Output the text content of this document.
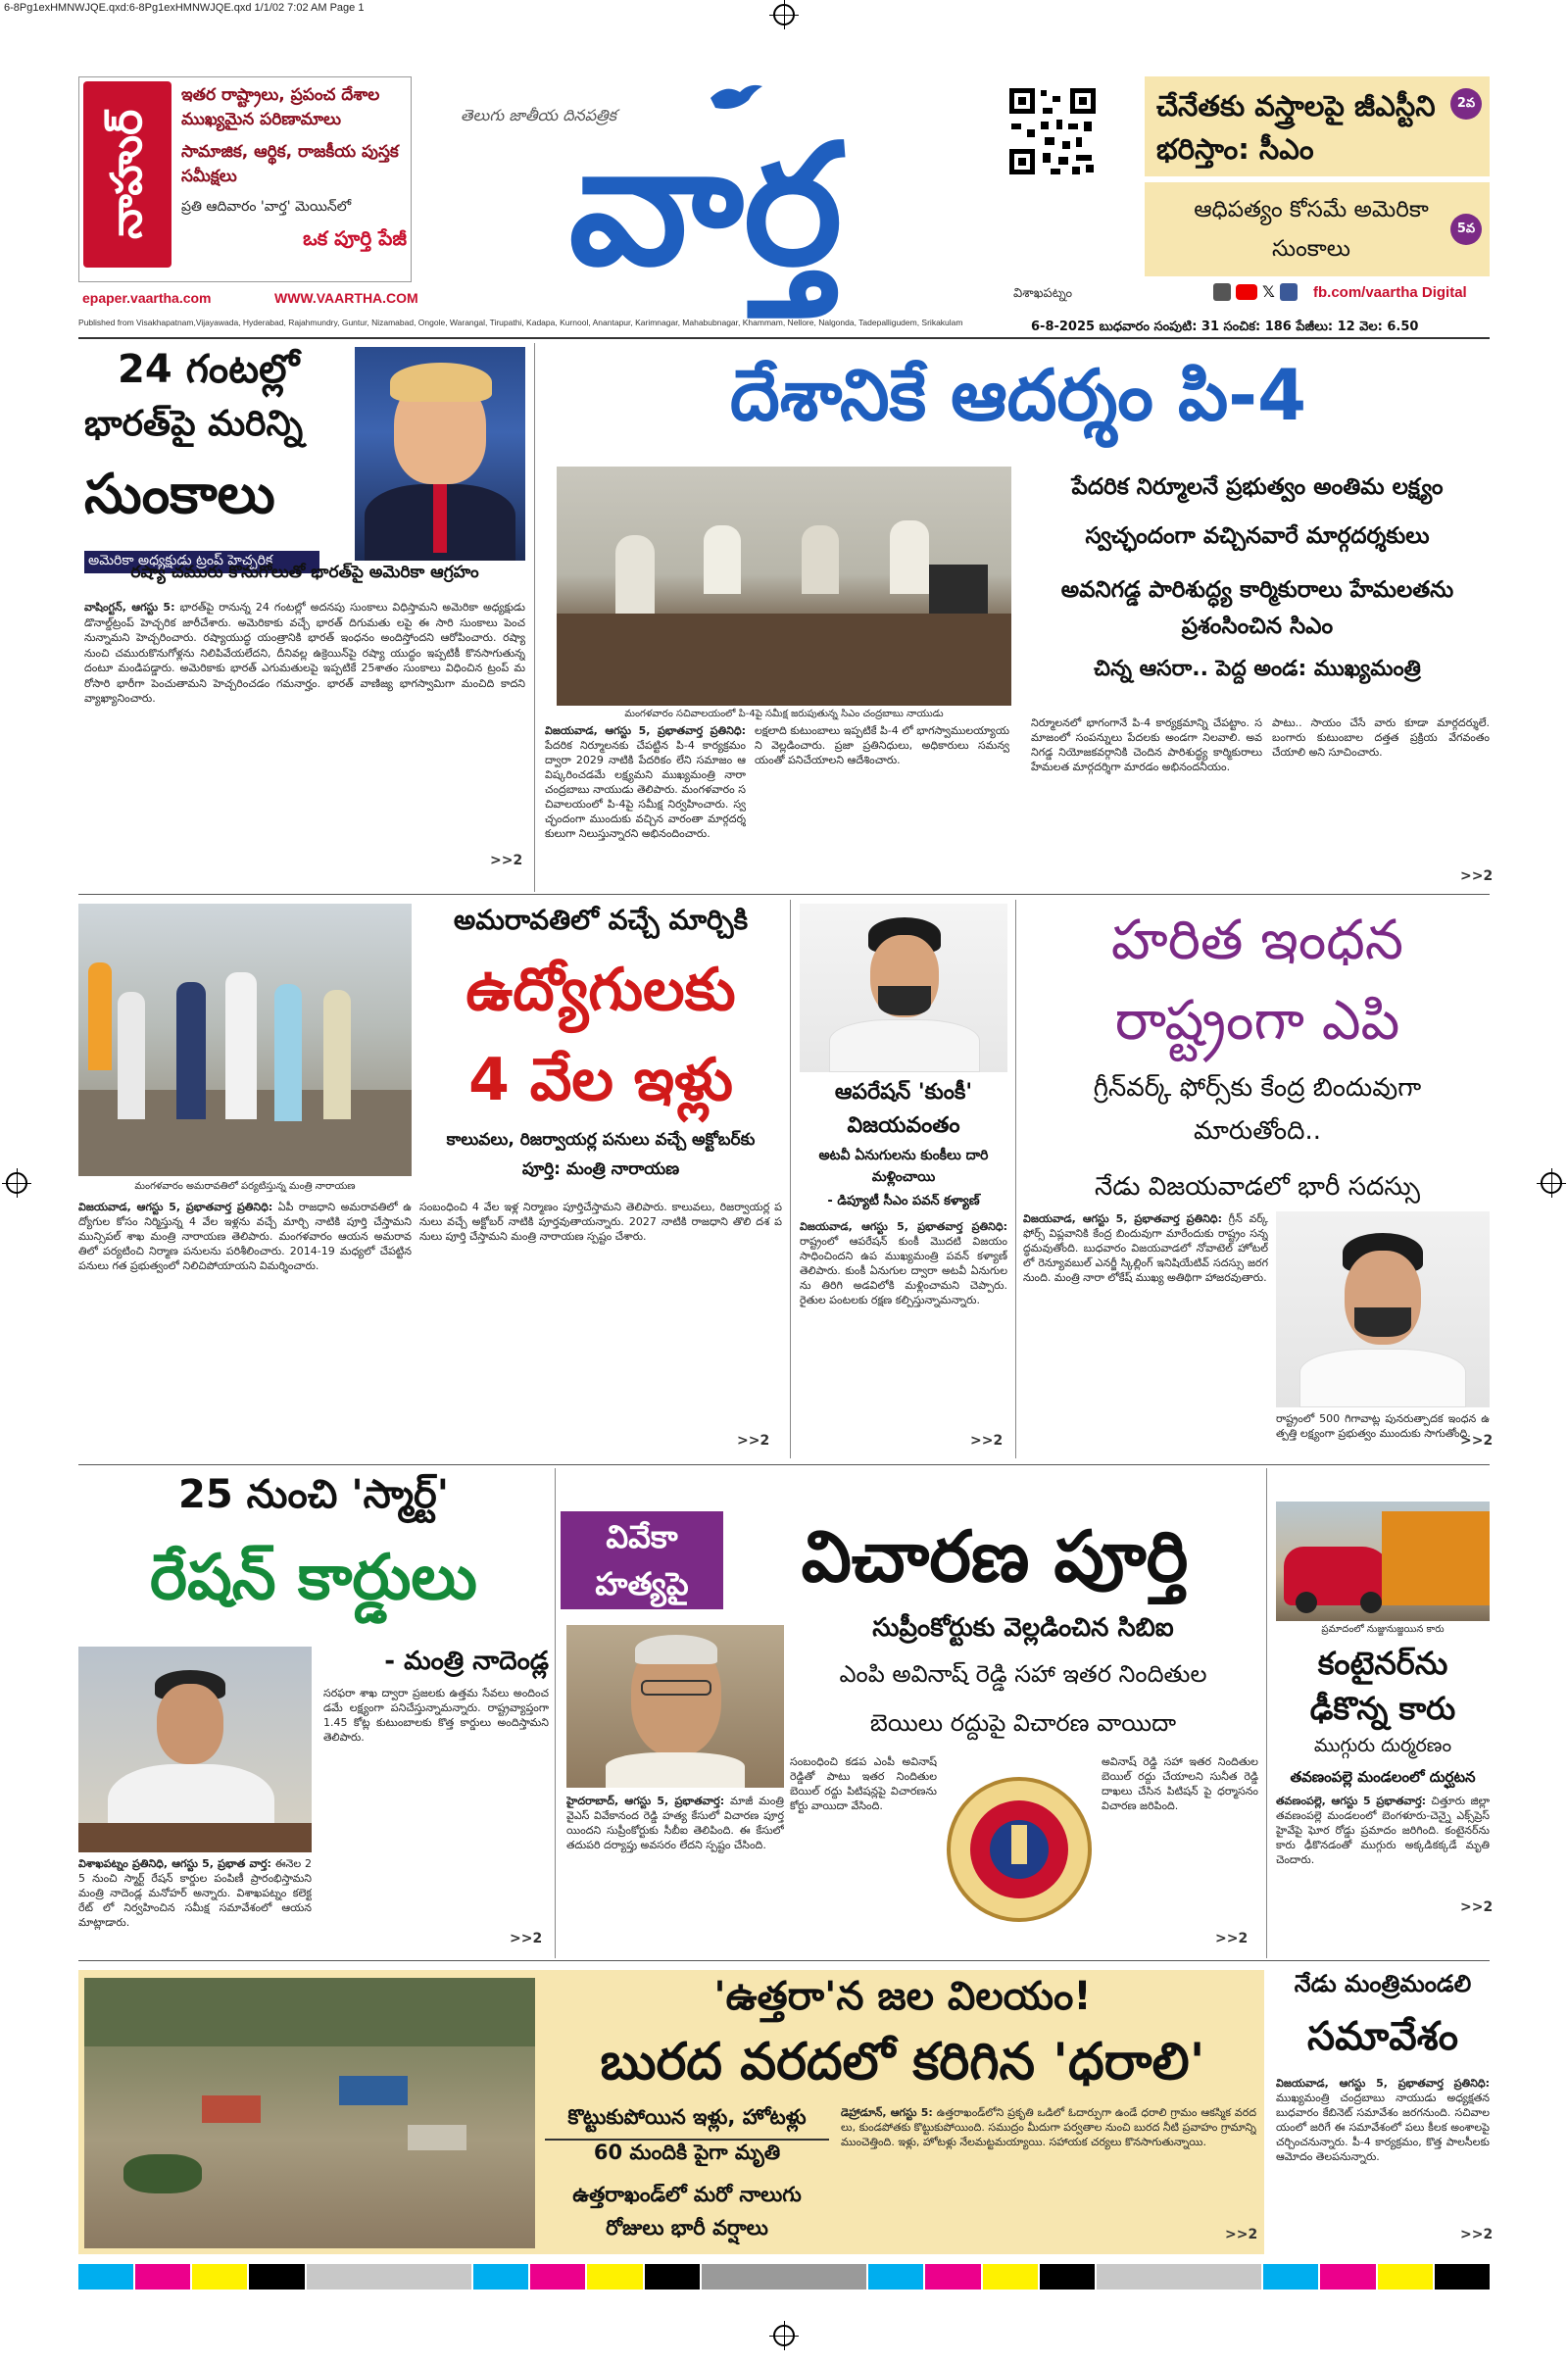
6-8Pg1exHMNWJQE.qxd:6-8Pg1exHMNWJQE.qxd 1/1/02 7:02 AM Page 1
నాహుర్
ఇతర రాష్ట్రాలు, ప్రపంచ దేశాల ముఖ్యమైన పరిణామాలు
సామాజిక, ఆర్థిక, రాజకీయ పుస్తక సమీక్షలు
ప్రతి ఆదివారం 'వార్త' మెయిన్‌లో
ఒక పూర్తి పేజీ
epaper.vaartha.com	WWW.VAARTHA.COM
తెలుగు జాతీయ దినపత్రిక
వార్త	విశాఖపట్నం
చేనేతకు వస్త్రాలపై జీఎస్టీని భరిస్తాం: సీఎం
2వ
ఆధిపత్యం కోసమే అమెరికా సుంకాలు
5వ
𝕏	fb.com/vaartha Digital
Published from Visakhapatnam,Vijayawada, Hyderabad, Rajahmundry, Guntur, Nizamabad, Ongole, Warangal, Tirupathi, Kadapa, Kurnool, Anantapur, Karimnagar, Mahabubnagar, Khammam, Nellore, Nalgonda, Tadepalligudem, Srikakulam	6-8-2025 బుధవారం సంపుటి: 31 సంచిక: 186 పేజీలు: 12 వెల: 6.50
24 గంటల్లో
భారత్‌పై మరిన్ని
సుంకాలు
అమెరికా అధ్యక్షుడు ట్రంప్ హెచ్చరిక
రష్యా చమురు కొనుగోలుతో భారత్‌పై అమెరికా ఆగ్రహం
వాషింగ్టన్, ఆగస్టు 5: భారత్‌పై రానున్న 24 గంటల్లో అదనపు సుంకాలు విధిస్తామని అమెరికా అధ్యక్షుడు డొనాల్డ్‌ట్రంప్ హెచ్చరిక జారీచేశారు. అమెరికాకు వచ్చే భారత్ దిగుమతు లపై ఈ సారి సుంకాలు పెంచనున్నామని హెచ్చరించారు. రష్యాయుద్ధ యంత్రానికి భారత్ ఇంధనం అందిస్తోందని ఆరోపించారు. రష్యా నుంచి చమురుకొనుగోళ్లను నిలిపివేయలేదని, దీనివల్ల ఉక్రెయిన్‌పై రష్యా యుద్ధం ఇప్పటికీ కొనసాగుతున్నదంటూ మండిపడ్డారు. అమెరికాకు భారత్ ఎగుమతులపై ఇప్పటికే 25శాతం సుంకాలు విధించిన ట్రంప్ మరోసారి భారీగా పెంచుతామని హెచ్చరించడం గమనార్హం. భారత్ వాణిజ్య భాగస్వామిగా మంచిది కాదని వ్యాఖ్యానించారు.
>>2
దేశానికే ఆదర్శం పి-4
మంగళవారం సచివాలయంలో పి-4పై సమీక్ష జరుపుతున్న సిఎం చంద్రబాబు నాయుడు
పేదరిక నిర్మూలనే ప్రభుత్వం అంతిమ లక్ష్యం
స్వచ్ఛందంగా వచ్చినవారే మార్గదర్శకులు
అవనిగడ్డ పారిశుద్ధ్య కార్మికురాలు హేమలతను ప్రశంసించిన సిఎం
చిన్న ఆసరా.. పెద్ద అండ: ముఖ్యమంత్రి
విజయవాడ, ఆగస్టు 5, ప్రభాతవార్త ప్రతినిధి: పేదరిక నిర్మూలనకు చేపట్టిన పి-4 కార్యక్రమం ద్వారా 2029 నాటికి పేదరికం లేని సమాజం ఆవిష్కరించడమే లక్ష్యమని ముఖ్యమంత్రి నారా చంద్రబాబు నాయుడు తెలిపారు. మంగళవారం సచివాలయంలో పి-4పై సమీక్ష నిర్వహించారు. స్వచ్ఛందంగా ముందుకు వచ్చిన వారంతా మార్గదర్శకులుగా నిలుస్తున్నారని అభినందించారు.
లక్షలాది కుటుంబాలు ఇప్పటికే పి-4 లో భాగస్వాములయ్యాయని వెల్లడించారు. ప్రజా ప్రతినిధులు, అధికారులు సమన్వయంతో పనిచేయాలని ఆదేశించారు.
నిర్మూలనలో భాగంగానే పి-4 కార్యక్రమాన్ని చేపట్టాం. సమాజంలో సంపన్నులు పేదలకు అండగా నిలవాలి. అవనిగడ్డ నియోజకవర్గానికి చెందిన పారిశుద్ధ్య కార్మికురాలు హేమలత మార్గదర్శిగా మారడం అభినందనీయం.
పాటు.. సాయం చేసే వారు కూడా మార్గదర్శులే. బంగారు కుటుంబాల దత్తత ప్రక్రియ వేగవంతం చేయాలి అని సూచించారు.
>>2
మంగళవారం అమరావతిలో పర్యటిస్తున్న మంత్రి నారాయణ
అమరావతిలో వచ్చే మార్చికి
ఉద్యోగులకు
4 వేల ఇళ్లు
కాలువలు, రిజర్వాయర్ల పనులు వచ్చే అక్టోబర్‌కు పూర్తి: మంత్రి నారాయణ
విజయవాడ, ఆగస్టు 5, ప్రభాతవార్త ప్రతినిధి: ఏపీ రాజధాని అమరావతిలో ఉద్యోగుల కోసం నిర్మిస్తున్న 4 వేల ఇళ్లను వచ్చే మార్చి నాటికి పూర్తి చేస్తామని మున్సిపల్ శాఖ మంత్రి నారాయణ తెలిపారు. మంగళవారం ఆయన అమరావతిలో పర్యటించి నిర్మాణ పనులను పరిశీలించారు. 2014-19 మధ్యలో చేపట్టిన పనులు గత ప్రభుత్వంలో నిలిచిపోయాయని విమర్శించారు.
సంబంధించి 4 వేల ఇళ్ల నిర్మాణం పూర్తిచేస్తామని తెలిపారు. కాలువలు, రిజర్వాయర్ల పనులు వచ్చే అక్టోబర్ నాటికి పూర్తవుతాయన్నారు. 2027 నాటికి రాజధాని తొలి దశ పనులు పూర్తి చేస్తామని మంత్రి నారాయణ స్పష్టం చేశారు.
>>2
ఆపరేషన్ 'కుంకీ' విజయవంతం
అటవీ ఏనుగులను కుంకీలు దారి మళ్లించాయి
- డిప్యూటీ సీఎం పవన్ కళ్యాణ్
విజయవాడ, ఆగస్టు 5, ప్రభాతవార్త ప్రతినిధి: రాష్ట్రంలో ఆపరేషన్ కుంకీ మొదటి విజయం సాధించిందని ఉప ముఖ్యమంత్రి పవన్ కళ్యాణ్ తెలిపారు. కుంకీ ఏనుగుల ద్వారా అటవీ ఏనుగులను తిరిగి అడవిలోకి మళ్లించామని చెప్పారు. రైతుల పంటలకు రక్షణ కల్పిస్తున్నామన్నారు.
>>2
హరిత ఇంధన
రాష్ట్రంగా ఎపి
గ్రీన్‌వర్క్ ఫోర్స్‌కు కేంద్ర బిందువుగా మారుతోంది..
నేడు విజయవాడలో భారీ సదస్సు
విజయవాడ, ఆగస్టు 5, ప్రభాతవార్త ప్రతినిధి: గ్రీన్ వర్క్ ఫోర్స్ విప్లవానికి కేంద్ర బిందువుగా మారేందుకు రాష్ట్రం సన్నద్ధమవుతోంది. బుధవారం విజయవాడలో నోవాటెల్ హోటల్ లో రెన్యూవబుల్ ఎనర్జీ స్కిల్లింగ్ ఇనిషియేటివ్ సదస్సు జరగనుంది. మంత్రి నారా లోకేష్ ముఖ్య అతిథిగా హాజరవుతారు.
రాష్ట్రంలో 500 గిగావాట్ల పునరుత్పాదక ఇంధన ఉత్పత్తి లక్ష్యంగా ప్రభుత్వం ముందుకు సాగుతోంది.
>>2
25 నుంచి 'స్మార్ట్'
రేషన్ కార్డులు
- మంత్రి నాదెండ్ల
సరఫరా శాఖ ద్వారా ప్రజలకు ఉత్తమ సేవలు అందించడమే లక్ష్యంగా పనిచేస్తున్నామన్నారు. రాష్ట్రవ్యాప్తంగా 1.45 కోట్ల కుటుంబాలకు కొత్త కార్డులు అందిస్తామని తెలిపారు.
విశాఖపట్నం ప్రతినిధి, ఆగస్టు 5, ప్రభాత వార్త: ఈనెల 25 నుంచి స్మార్ట్ రేషన్ కార్డుల పంపిణీ ప్రారంభిస్తామని మంత్రి నాదెండ్ల మనోహర్ అన్నారు. విశాఖపట్నం కలెక్టరేట్ లో నిర్వహించిన సమీక్ష సమావేశంలో ఆయన మాట్లాడారు.
>>2
వివేకా
హత్యపై	విచారణ పూర్తి
సుప్రీంకోర్టుకు వెల్లడించిన సిబిఐ
ఎంపి అవినాష్ రెడ్డి సహా ఇతర నిందితుల
బెయిలు రద్దుపై విచారణ వాయిదా
సంబంధించి కడప ఎంపీ అవినాష్ రెడ్డితో పాటు ఇతర నిందితుల బెయిల్ రద్దు పిటిషన్లపై విచారణను కోర్టు వాయిదా వేసింది.
అవినాష్ రెడ్డి సహా ఇతర నిందితుల బెయిల్ రద్దు చేయాలని సునీత రెడ్డి దాఖలు చేసిన పిటిషన్ పై ధర్మాసనం విచారణ జరిపింది.
హైదరాబాద్, ఆగస్టు 5, ప్రభాతవార్త: మాజీ మంత్రి వైఎస్ వివేకానంద రెడ్డి హత్య కేసులో విచారణ పూర్తయిందని సుప్రీంకోర్టుకు సీబీఐ తెలిపింది. ఈ కేసులో తదుపరి దర్యాప్తు అవసరం లేదని స్పష్టం చేసింది.
>>2
ప్రమాదంలో నుజ్జునుజ్జయిన కారు
కంటైనర్‌ను ఢీకొన్న కారు
ముగ్గురు దుర్మరణం
తవణంపల్లె మండలంలో దుర్ఘటన
తవణంపల్లె, ఆగస్టు 5 ప్రభాతవార్త: చిత్తూరు జిల్లా తవణంపల్లె మండలంలో బెంగళూరు-చెన్నై ఎక్స్‌ప్రెస్ హైవేపై ఘోర రోడ్డు ప్రమాదం జరిగింది. కంటైనర్‌ను కారు ఢీకొనడంతో ముగ్గురు అక్కడికక్కడే మృతి చెందారు.
>>2
'ఉత్తరా'న జల విలయం!
బురద వరదలో కరిగిన 'ధరాలి'
కొట్టుకుపోయిన ఇళ్లు, హోటళ్లు
60 మందికి పైగా మృతి
ఉత్తరాఖండ్‌లో మరో నాలుగు రోజులు భారీ వర్షాలు
డెహ్రాడూన్, ఆగస్టు 5: ఉత్తరాఖండ్‌లోని ప్రకృతి ఒడిలో ఓదార్పుగా ఉండే ధరాలి గ్రామం ఆకస్మిక వరదలు, కుండపోతకు కొట్టుకుపోయింది. సముద్రం మీదుగా పర్వతాల నుంచి బురద నీటి ప్రవాహం గ్రామాన్ని ముంచెత్తింది. ఇళ్లు, హోటళ్లు నేలమట్టమయ్యాయి. సహాయక చర్యలు కొనసాగుతున్నాయి.
>>2
నేడు మంత్రిమండలి
సమావేశం
విజయవాడ, ఆగస్టు 5, ప్రభాతవార్త ప్రతినిధి: ముఖ్యమంత్రి చంద్రబాబు నాయుడు అధ్యక్షతన బుధవారం కేబినెట్ సమావేశం జరగనుంది. సచివాలయంలో జరిగే ఈ సమావేశంలో పలు కీలక అంశాలపై చర్చించనున్నారు. పీ-4 కార్యక్రమం, కొత్త పాలసీలకు ఆమోదం తెలపనున్నారు.
>>2
